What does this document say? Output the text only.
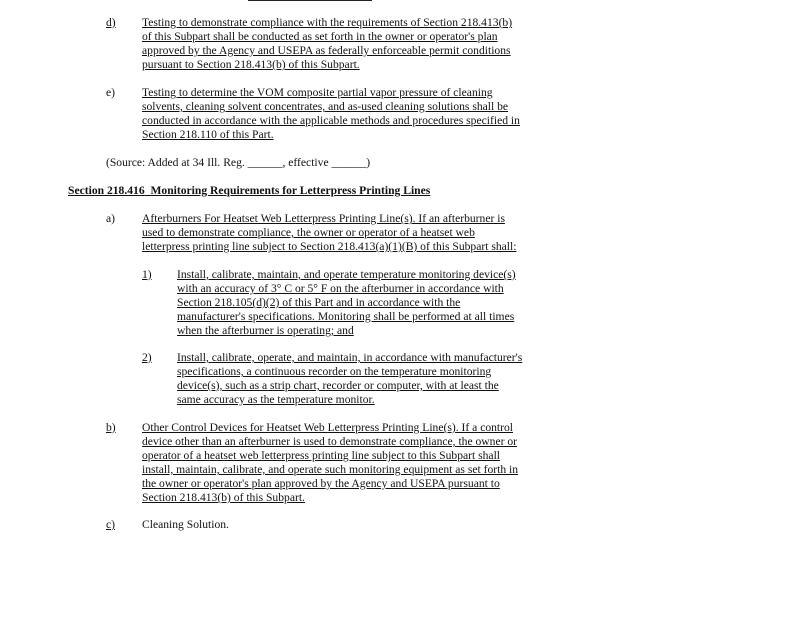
d) Testing to demonstrate compliance with the requirements of Section 218.413(b)
of this Subpart shall be conducted as set forth in the owner or operator's plan
approved by the Agency and USEPA as federally enforceable permit conditions
pursuant to Section 218.413(b) of this Subpart.
e) Testing to determine the VOM composite partial vapor pressure of cleaning
solvents, cleaning solvent concentrates, and as-used cleaning solutions shall be
conducted in accordance with the applicable methods and procedures specified in
Section 218.110 of this Part.
(Source: Added at 34 Ill. Reg. ______, effective ______)
Section 218.416 Monitoring Requirements for Letterpress Printing Lines
a) Afterburners For Heatset Web Letterpress Printing Line(s). If an afterburner is
used to demonstrate compliance, the owner or operator of a heatset web
letterpress printing line subject to Section 218.413(a)(1)(B) of this Subpart shall:
1) Install, calibrate, maintain, and operate temperature monitoring device(s)
with an accuracy of 3° C or 5° F on the afterburner in accordance with
Section 218.105(d)(2) of this Part and in accordance with the
manufacturer's specifications. Monitoring shall be performed at all times
when the afterburner is operating; and
2) Install, calibrate, operate, and maintain, in accordance with manufacturer's
specifications, a continuous recorder on the temperature monitoring
device(s), such as a strip chart, recorder or computer, with at least the
same accuracy as the temperature monitor.
b) Other Control Devices for Heatset Web Letterpress Printing Line(s). If a control
device other than an afterburner is used to demonstrate compliance, the owner or
operator of a heatset web letterpress printing line subject to this Subpart shall
install, maintain, calibrate, and operate such monitoring equipment as set forth in
the owner or operator's plan approved by the Agency and USEPA pursuant to
Section 218.413(b) of this Subpart.
c) Cleaning Solution.
